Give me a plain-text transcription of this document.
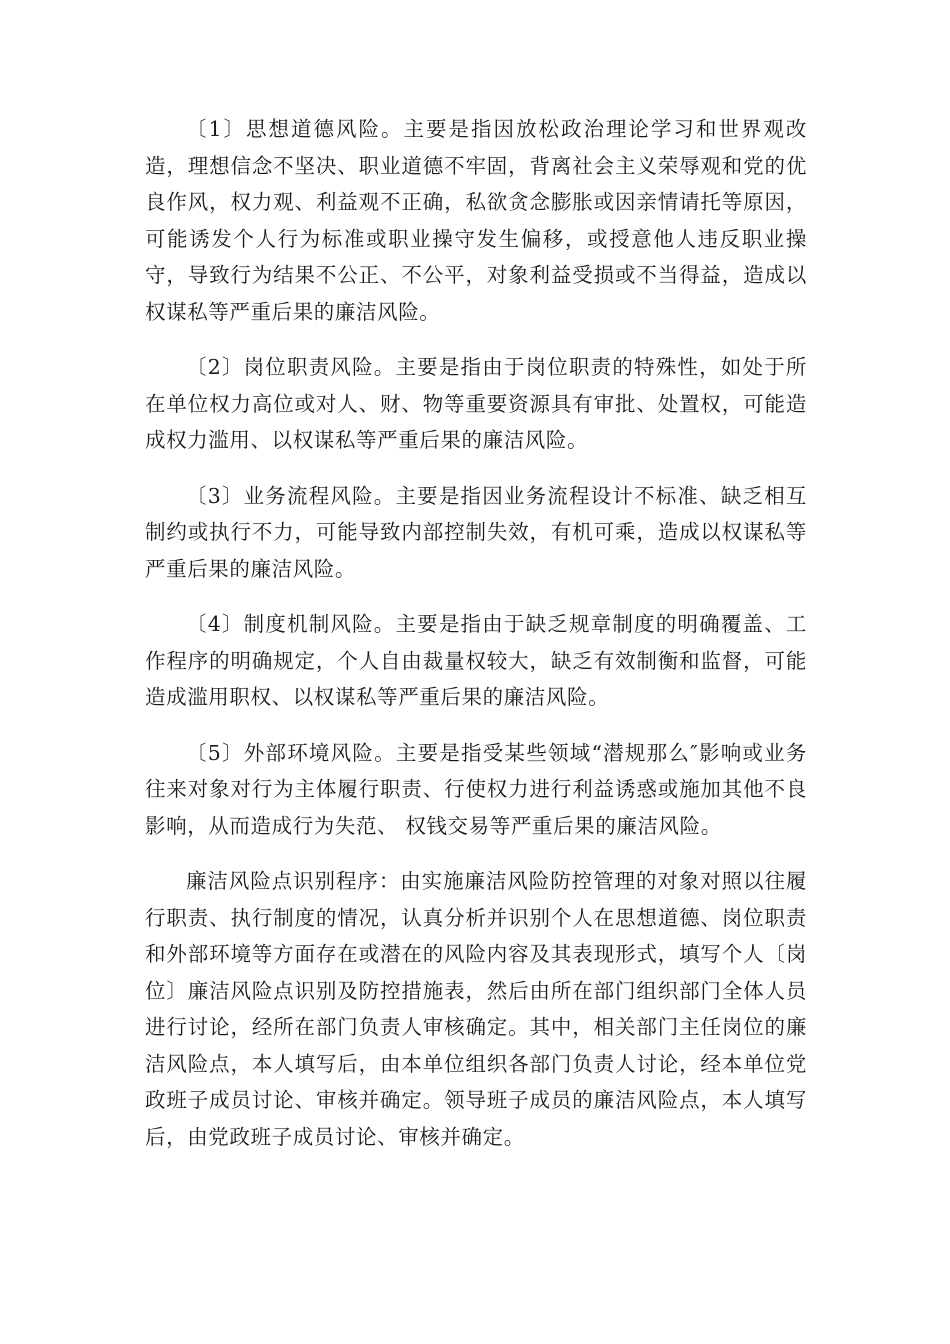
〔1〕思想道德风险。主要是指因放松政治理论学习和世界观改造，理想信念不坚决、职业道德不牢固，背离社会主义荣辱观和党的优良作风，权力观、利益观不正确，私欲贪念膨胀或因亲情请托等原因，可能诱发个人行为标准或职业操守发生偏移，或授意他人违反职业操守，导致行为结果不公正、不公平，对象利益受损或不当得益，造成以权谋私等严重后果的廉洁风险。

〔2〕岗位职责风险。主要是指由于岗位职责的特殊性，如处于所在单位权力高位或对人、财、物等重要资源具有审批、处置权，可能造成权力滥用、以权谋私等严重后果的廉洁风险。

〔3〕业务流程风险。主要是指因业务流程设计不标准、缺乏相互制约或执行不力，可能导致内部控制失效，有机可乘，造成以权谋私等严重后果的廉洁风险。

〔4〕制度机制风险。主要是指由于缺乏规章制度的明确覆盖、工作程序的明确规定，个人自由裁量权较大，缺乏有效制衡和监督，可能造成滥用职权、以权谋私等严重后果的廉洁风险。

〔5〕外部环境风险。主要是指受某些领域“潜规那么″影响或业务往来对象对行为主体履行职责、行使权力进行利益诱惑或施加其他不良影响，从而造成行为失范、 权钱交易等严重后果的廉洁风险。

廉洁风险点识别程序：由实施廉洁风险防控管理的对象对照以往履行职责、执行制度的情况，认真分析并识别个人在思想道德、岗位职责和外部环境等方面存在或潜在的风险内容及其表现形式，填写个人〔岗位〕廉洁风险点识别及防控措施表，然后由所在部门组织部门全体人员进行讨论，经所在部门负责人审核确定。其中，相关部门主任岗位的廉洁风险点，本人填写后，由本单位组织各部门负责人讨论，经本单位党政班子成员讨论、审核并确定。领导班子成员的廉洁风险点，本人填写后，由党政班子成员讨论、审核并确定。
